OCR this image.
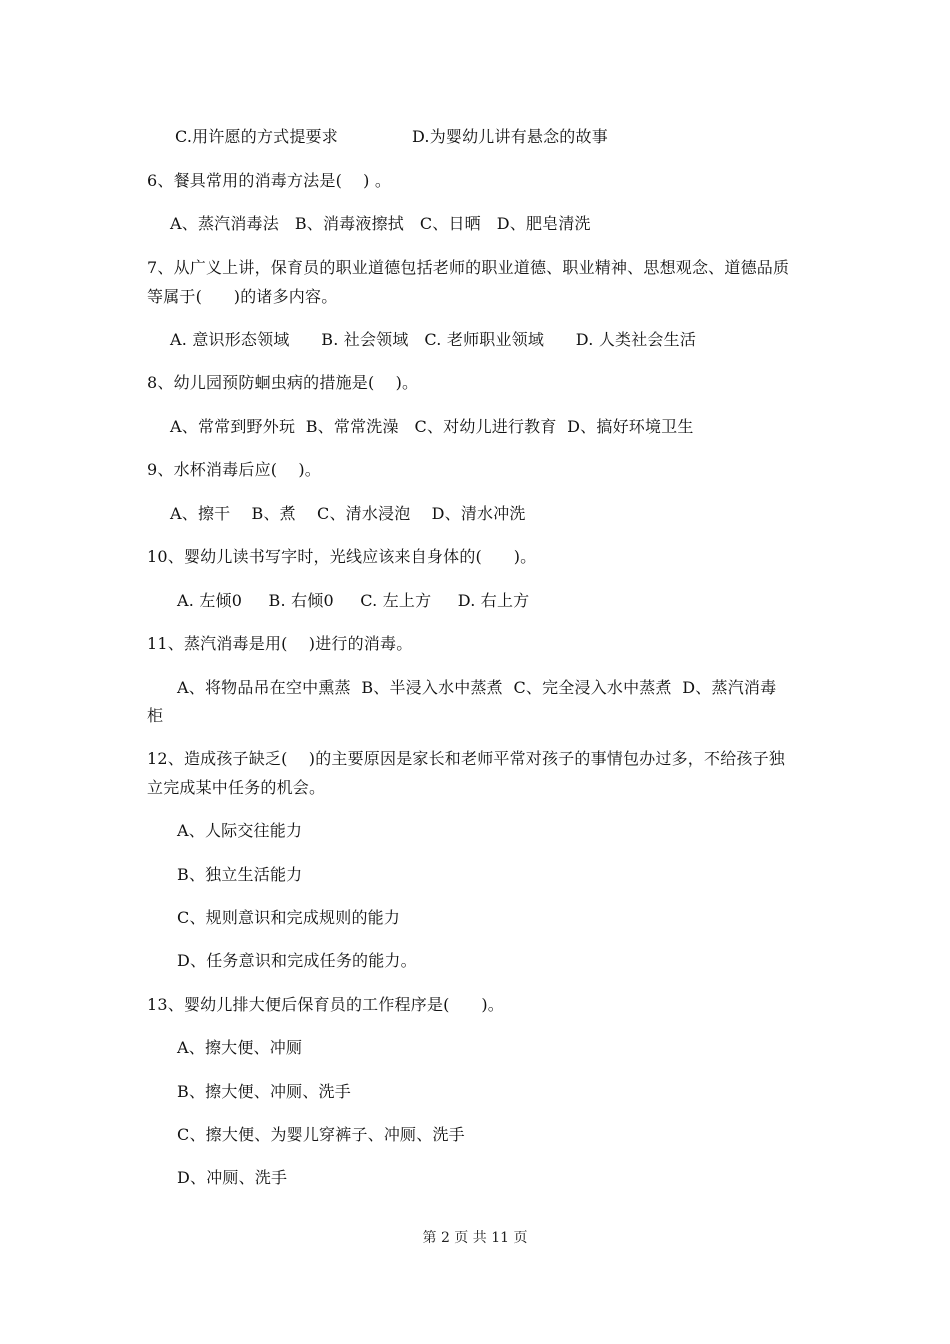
C.用许愿的方式提要求              D.为婴幼儿讲有悬念的故事
6、餐具常用的消毒方法是(    ) 。
A、蒸汽消毒法   B、消毒液擦拭   C、日晒   D、肥皂清洗
7、从广义上讲，保育员的职业道德包括老师的职业道德、职业精神、思想观念、道德品质
等属于(      )的诸多内容。
A. 意识形态领域      B. 社会领域   C. 老师职业领域      D. 人类社会生活
8、幼儿园预防蛔虫病的措施是(    )。
A、常常到野外玩  B、常常洗澡   C、对幼儿进行教育  D、搞好环境卫生
9、水杯消毒后应(    )。
A、擦干    B、煮    C、清水浸泡    D、清水冲洗
10、婴幼儿读书写字时，光线应该来自身体的(      )。
A. 左倾0     B. 右倾0     C. 左上方     D. 右上方
11、蒸汽消毒是用(    )进行的消毒。
A、将物品吊在空中熏蒸  B、半浸入水中蒸煮  C、完全浸入水中蒸煮  D、蒸汽消毒
柜
12、造成孩子缺乏(    )的主要原因是家长和老师平常对孩子的事情包办过多，不给孩子独
立完成某中任务的机会。
A、人际交往能力
B、独立生活能力
C、规则意识和完成规则的能力
D、任务意识和完成任务的能力。
13、婴幼儿排大便后保育员的工作程序是(      )。
A、擦大便、冲厕
B、擦大便、冲厕、洗手
C、擦大便、为婴儿穿裤子、冲厕、洗手
D、冲厕、洗手
第 2 页 共 11 页
